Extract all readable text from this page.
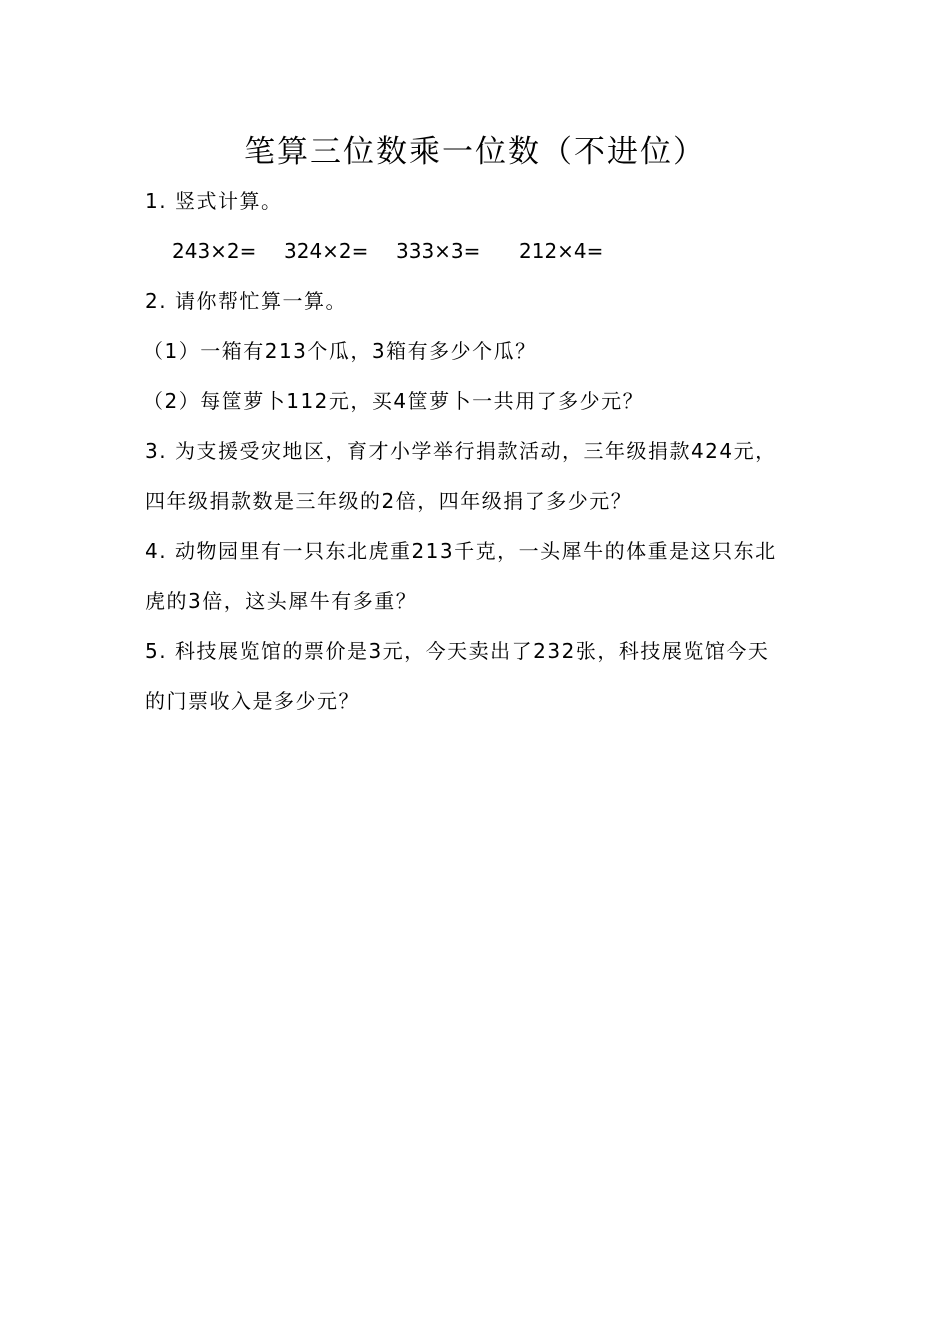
笔算三位数乘一位数（不进位）
1. 竖式计算。
243×2= 324×2= 333×3= 212×4=
2. 请你帮忙算一算。
（1）一箱有213个瓜，3箱有多少个瓜？
（2）每筐萝卜112元，买4筐萝卜一共用了多少元？
3. 为支援受灾地区，育才小学举行捐款活动，三年级捐款424元，
四年级捐款数是三年级的2倍，四年级捐了多少元？
4. 动物园里有一只东北虎重213千克，一头犀牛的体重是这只东北
虎的3倍，这头犀牛有多重？
5. 科技展览馆的票价是3元，今天卖出了232张，科技展览馆今天
的门票收入是多少元？
